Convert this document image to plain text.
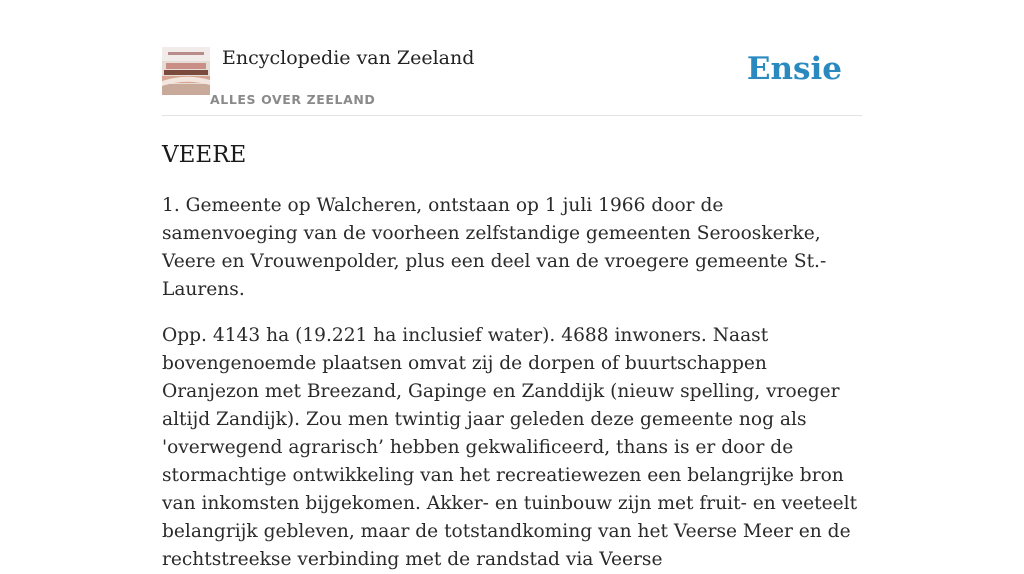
Encyclopedie van Zeeland
ALLES OVER ZEELAND
Ensie
VEERE

1. Gemeente op Walcheren, ontstaan op 1 juli 1966 door de samenvoeging van de voorheen zelfstandige gemeenten Serooskerke, Veere en Vrouwenpolder, plus een deel van de vroegere gemeente St.-Laurens.

Opp. 4143 ha (19.221 ha inclusief water). 4688 inwoners. Naast bovengenoemde plaatsen omvat zij de dorpen of buurtschappen Oranjezon met Breezand, Gapinge en Zanddijk (nieuw spelling, vroeger altijd Zandijk). Zou men twintig jaar geleden deze gemeente nog als 'overwegend agrarisch’ hebben gekwalificeerd, thans is er door de stormachtige ontwikkeling van het recreatiewezen een belangrijke bron van inkomsten bijgekomen. Akker- en tuinbouw zijn met fruit- en veeteelt belangrijk gebleven, maar de totstandkoming van het Veerse Meer en de rechtstreekse verbinding met de randstad via Veerse
